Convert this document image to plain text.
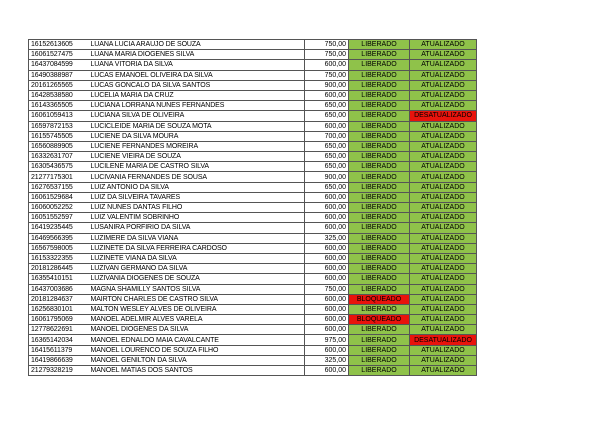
16152613605	LUANA LUCIA ARAUJO DE SOUZA	750,00	LIBERADO	ATUALIZADO
16061527475	LUANA MARIA DIOGENES SILVA	750,00	LIBERADO	ATUALIZADO
16437084599	LUANA VITORIA DA SILVA	600,00	LIBERADO	ATUALIZADO
16490388987	LUCAS EMANOEL OLIVEIRA DA SILVA	750,00	LIBERADO	ATUALIZADO
20161265565	LUCAS GONCALO DA SILVA SANTOS	900,00	LIBERADO	ATUALIZADO
16428538580	LUCELIA MARIA DA CRUZ	600,00	LIBERADO	ATUALIZADO
16143365505	LUCIANA LORRANA NUNES FERNANDES	650,00	LIBERADO	ATUALIZADO
16061059413	LUCIANA SILVA DE OLIVEIRA	650,00	LIBERADO	DESATUALIZADO
16597872153	LUCICLEIDE MARIA DE SOUZA MOTA	600,00	LIBERADO	ATUALIZADO
16155745505	LUCIENE DA SILVA MOURA	700,00	LIBERADO	ATUALIZADO
16560889905	LUCIENE FERNANDES MOREIRA	650,00	LIBERADO	ATUALIZADO
16332631707	LUCIENE VIEIRA DE SOUZA	650,00	LIBERADO	ATUALIZADO
16305436575	LUCILENE MARIA DE CASTRO SILVA	650,00	LIBERADO	ATUALIZADO
21277175301	LUCIVANIA FERNANDES DE SOUSA	900,00	LIBERADO	ATUALIZADO
16276537155	LUIZ ANTONIO DA SILVA	650,00	LIBERADO	ATUALIZADO
16061529684	LUIZ DA SILVEIRA TAVARES	600,00	LIBERADO	ATUALIZADO
16060052252	LUIZ NUNES DANTAS FILHO	600,00	LIBERADO	ATUALIZADO
16051552597	LUIZ VALENTIM SOBRINHO	600,00	LIBERADO	ATUALIZADO
16419235445	LUSANIRA PORFIRIO DA SILVA	600,00	LIBERADO	ATUALIZADO
16469566395	LUZIMERE DA SILVA VIANA	325,00	LIBERADO	ATUALIZADO
16567598005	LUZINETE DA SILVA FERREIRA CARDOSO	600,00	LIBERADO	ATUALIZADO
16153322355	LUZINETE VIANA DA SILVA	600,00	LIBERADO	ATUALIZADO
20181286445	LUZIVAN GERMANO DA SILVA	600,00	LIBERADO	ATUALIZADO
16355410151	LUZIVANIA DIOGENES DE SOUZA	600,00	LIBERADO	ATUALIZADO
16437003686	MAGNA SHAMILLY SANTOS SILVA	750,00	LIBERADO	ATUALIZADO
20181284637	MAIRTON CHARLES DE CASTRO SILVA	600,00	BLOQUEADO	ATUALIZADO
16256830101	MALTON WESLEY ALVES DE OLIVEIRA	600,00	LIBERADO	ATUALIZADO
16061795069	MANOEL ADELMIR ALVES VARELA	600,00	BLOQUEADO	ATUALIZADO
12778622691	MANOEL DIOGENES DA SILVA	600,00	LIBERADO	ATUALIZADO
16365142034	MANOEL EDNALDO MAIA CAVALCANTE	975,00	LIBERADO	DESATUALIZADO
16415611379	MANOEL LOURENCO DE SOUZA FILHO	600,00	LIBERADO	ATUALIZADO
16419866639	MANOEL GENILTON DA SILVA	325,00	LIBERADO	ATUALIZADO
21279328219	MANOEL MATIAS DOS SANTOS	600,00	LIBERADO	ATUALIZADO
